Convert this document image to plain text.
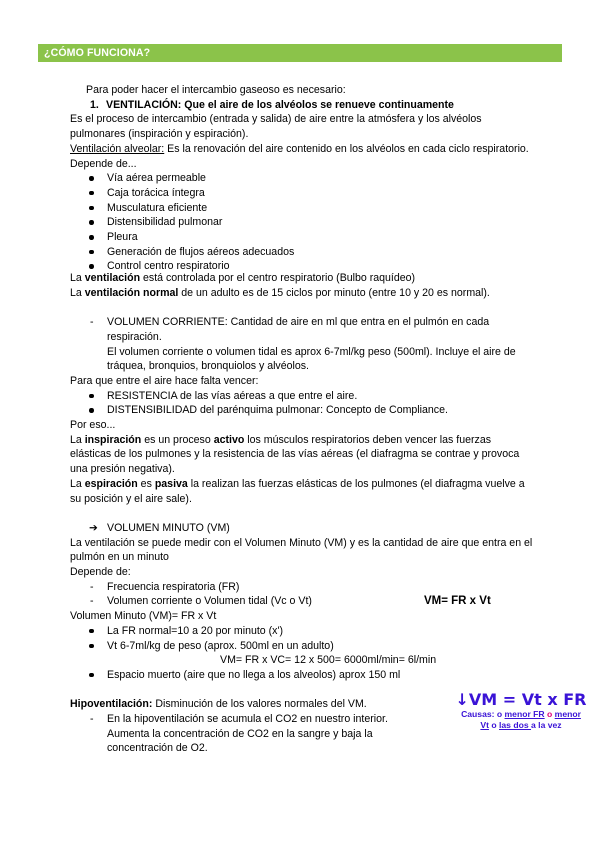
¿CÓMO FUNCIONA?
Para poder hacer el intercambio gaseoso es necesario:
1. VENTILACIÓN: Que el aire de los alvéolos se renueve continuamente
Es el proceso de intercambio (entrada y salida) de aire entre la atmósfera y los alvéolos
pulmonares (inspiración y espiración).
Ventilación alveolar: Es la renovación del aire contenido en los alvéolos en cada ciclo respiratorio.
Depende de...
Vía aérea permeable
Caja torácica íntegra
Musculatura eficiente
Distensibilidad pulmonar
Pleura
Generación de flujos aéreos adecuados
Control centro respiratorio
La ventilación está controlada por el centro respiratorio (Bulbo raquídeo)
La ventilación normal de un adulto es de 15 ciclos por minuto (entre 10 y 20 es normal).
- VOLUMEN CORRIENTE: Cantidad de aire en ml que entra en el pulmón en cada
respiración.
El volumen corriente o volumen tidal es aprox 6-7ml/kg peso (500ml). Incluye el aire de
tráquea, bronquios, bronquiolos y alvéolos.
Para que entre el aire hace falta vencer:
RESISTENCIA de las vías aéreas a que entre el aire.
DISTENSIBILIDAD del parénquima pulmonar: Concepto de Compliance.
Por eso...
La inspiración es un proceso activo los músculos respiratorios deben vencer las fuerzas
elásticas de los pulmones y la resistencia de las vías aéreas (el diafragma se contrae y provoca
una presión negativa).
La espiración es pasiva la realizan las fuerzas elásticas de los pulmones (el diafragma vuelve a
su posición y el aire sale).
➔ VOLUMEN MINUTO (VM)
La ventilación se puede medir con el Volumen Minuto (VM) y es la cantidad de aire que entra en el
pulmón en un minuto
Depende de:
- Frecuencia respiratoria (FR)
- Volumen corriente o Volumen tidal (Vc o Vt)	VM= FR x Vt
Volumen Minuto (VM)= FR x Vt
La FR normal=10 a 20 por minuto (x')
Vt 6-7ml/kg de peso (aprox. 500ml en un adulto)
VM= FR x VC= 12 x 500= 6000ml/min= 6l/min
Espacio muerto (aire que no llega a los alveolos) aprox 150 ml
Hipoventilación: Disminución de los valores normales del VM.
- En la hipoventilación se acumula el CO2 en nuestro interior.
Aumenta la concentración de CO2 en la sangre y baja la
concentración de O2.
↓VM = Vt x FR
Causas: o menor FR o menor
Vt o las dos a la vez
